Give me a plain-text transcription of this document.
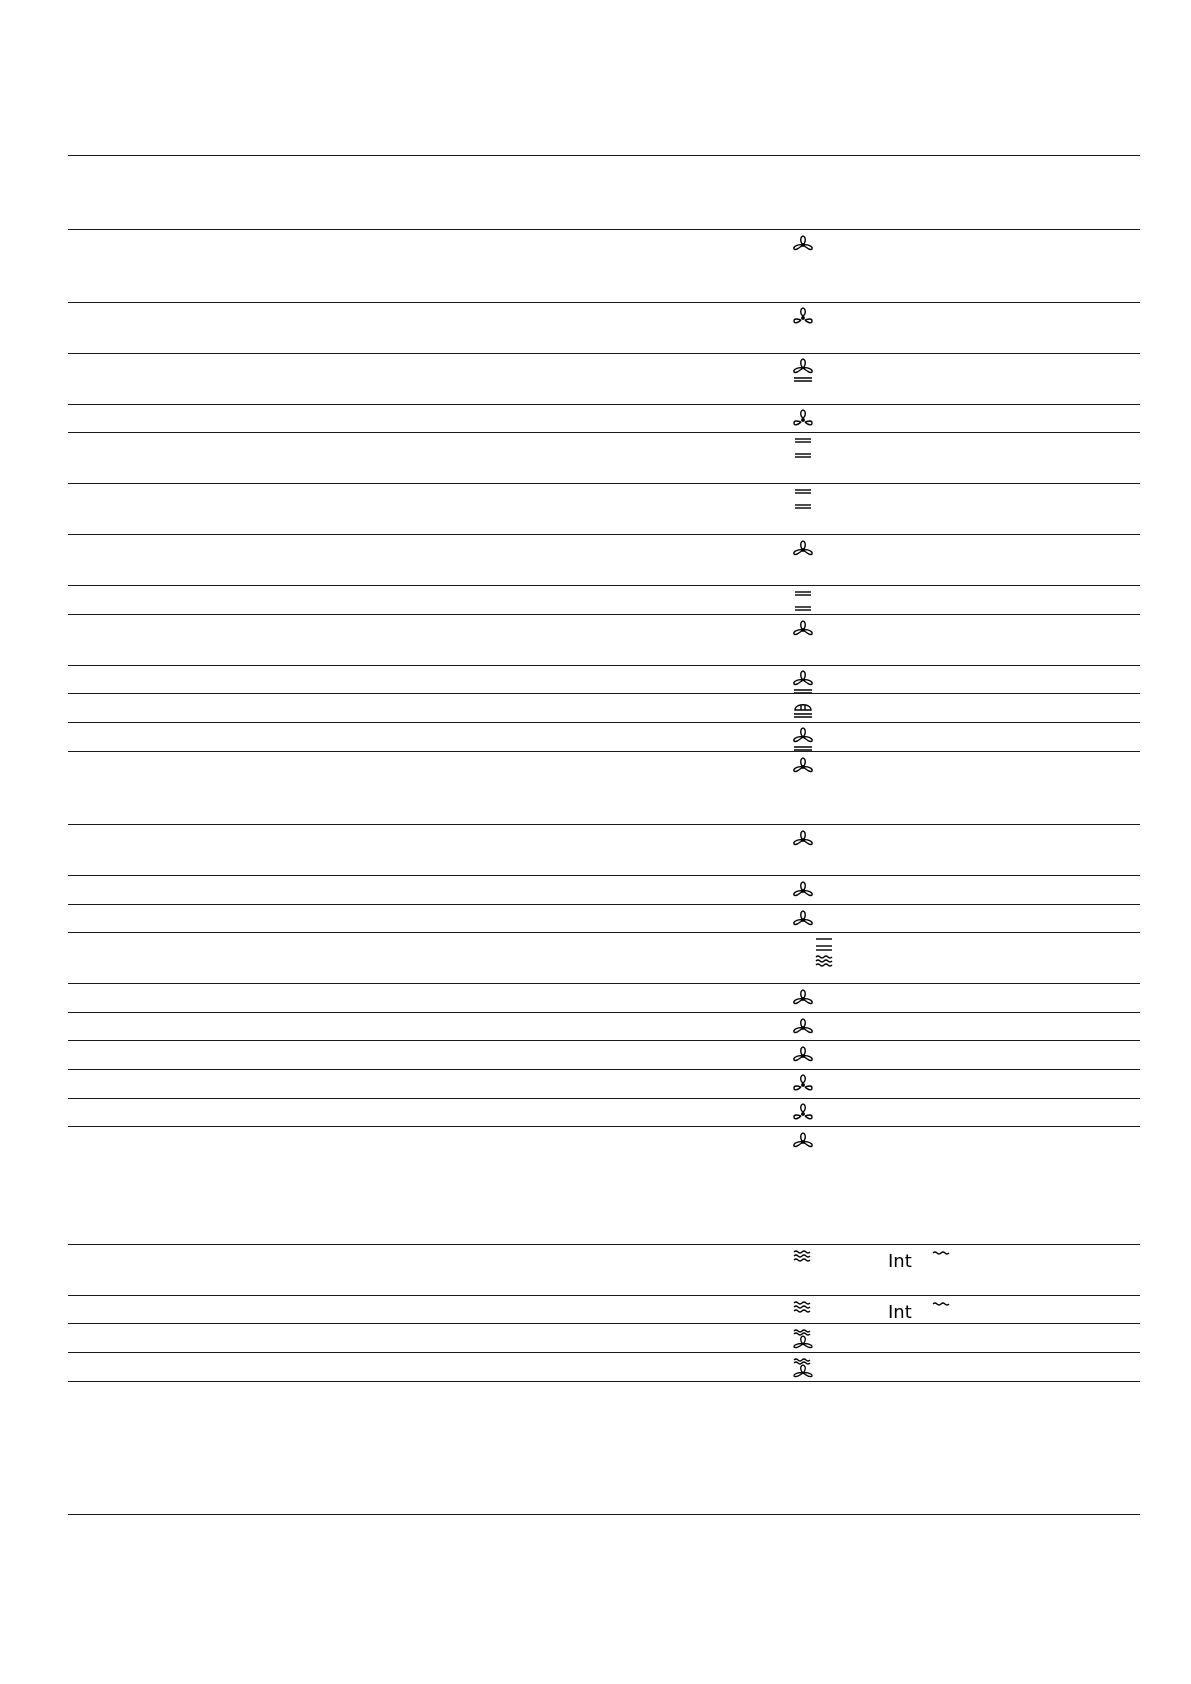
Int
Int
